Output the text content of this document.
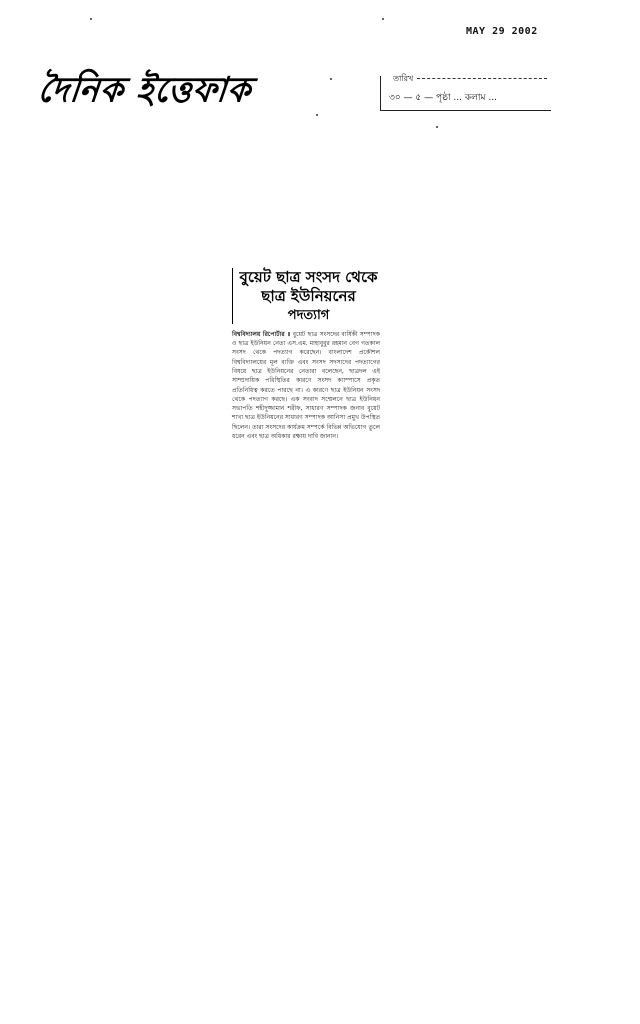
MAY 29 2002
দৈনিক ইত্তেফাক	তারিখ
৩০ — ৫ — পৃষ্ঠা ... কলাম ...
বুয়েট ছাত্র সংসদ থেকে
ছাত্র ইউনিয়নের
পদত্যাগ
বিশ্ববিদ্যালয় রিপোর্টার ॥ বুয়েট ছাত্র সংসদের বার্ষিকী সম্পাদক ও ছাত্র ইউনিয়ন নেতা এস.এম. মাহাবুবুর রহমান বেগ গতকাল সংসদ থেকে পদত্যাগ করেছেন। বাংলাদেশ প্রকৌশল বিশ্ববিদ্যালয়ের মূল ব্যক্তি এবং সংসদ সদস্যদের পদত্যাগের বিষয়ে ছাত্র ইউনিয়নের নেতারা বলেছেন, ছাত্রদল এই সাম্প্রদায়িক পরিস্থিতির কারণে সংসদ ক্যাম্পাসে প্রকৃত প্রতিনিধিত্ব করতে পারছে না। এ কারণে ছাত্র ইউনিয়ন সংসদ থেকে পদত্যাগ করছে। এক সংবাদ সম্মেলনে ছাত্র ইউনিয়ন সভাপতি শহীদুজ্জামান শরীফ, সাধারণ সম্পাদক জনাব বুয়েট শাখা ছাত্র ইউনিয়নের সাধারণ সম্পাদক আনিসা প্রমুখ উপস্থিত ছিলেন। তারা সংসদের কার্যক্রম সম্পর্কে বিভিন্ন অভিযোগ তুলে ধরেন এবং ছাত্র অধিকার রক্ষায় দাবি জানান।
